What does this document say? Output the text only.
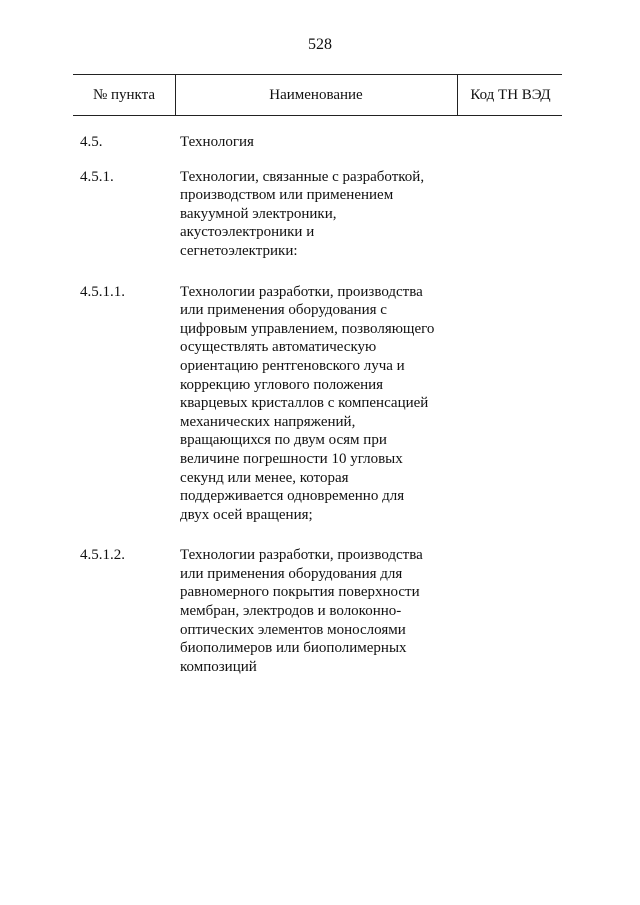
528
№ пункта	Наименование	Код ТН ВЭД
4.5.	Технология
4.5.1.	Технологии, связанные с разработкой,
производством или применением
вакуумной электроники,
акустоэлектроники и
сегнетоэлектрики:
4.5.1.1.	Технологии разработки, производства
или применения оборудования с
цифровым управлением, позволяющего
осуществлять автоматическую
ориентацию рентгеновского луча и
коррекцию углового положения
кварцевых кристаллов с компенсацией
механических напряжений,
вращающихся по двум осям при
величине погрешности 10 угловых
секунд или менее, которая
поддерживается одновременно для
двух осей вращения;
4.5.1.2.	Технологии разработки, производства
или применения оборудования для
равномерного покрытия поверхности
мембран, электродов и волоконно-
оптических элементов монослоями
биополимеров или биополимерных
композиций
